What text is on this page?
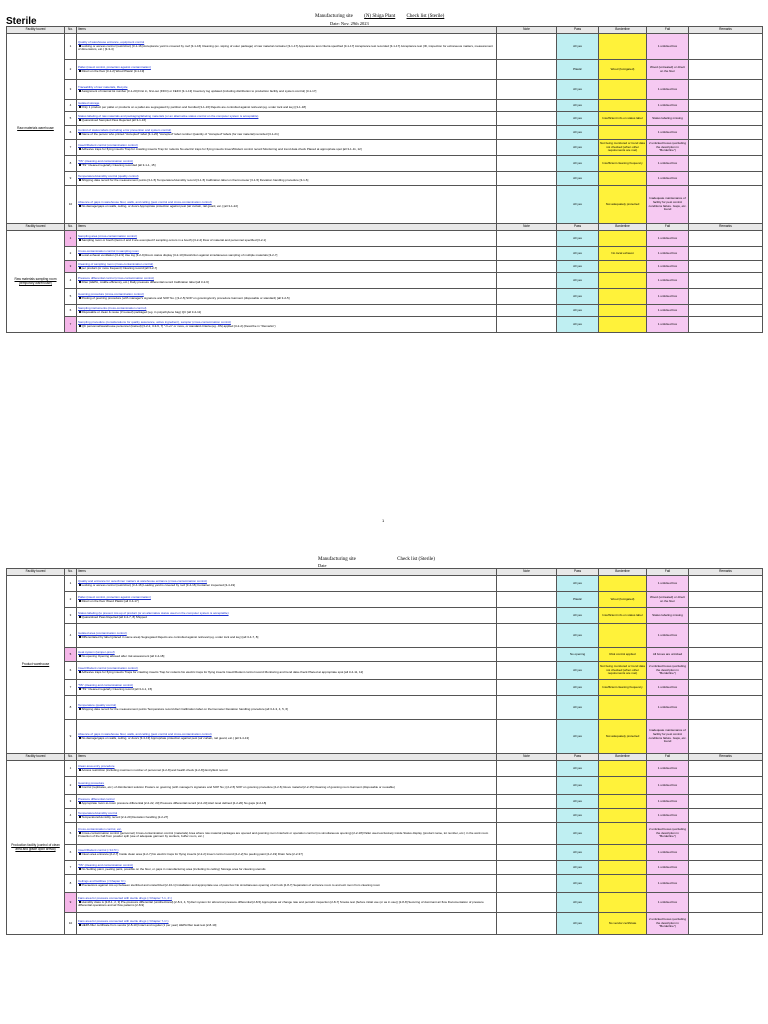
Sterile	Manufacturing site (N) Shiga Plant Check list (Sterile)
Date: Nov. 29th 2023
Facility toured	No.	Items	Note	Pass	Borderline	Fail	Remarks
Raw materials warehouse	1	Quality of warehouse entrance, equipment control
Locking or access control (restriction) [3-1-16] Acceptance yard is covered by roof [3-1-16] Cleaning (ex. wiping of outer package) of raw material container [3-1-17] Appearance test criteria specified [3-1-17] Acceptance test recorded [3-1-17] Acceptance test (ID, inspection for extraneous matters, measurement of dimensions, etc.) [3-3-4]		All yes		1 unticked box	
	2	Pallet (insect control, protection against contamination)
Direct on the floor [3-1-2] Wood Plastic [3-1-19]		Plastic	Wood (fumigated)	Wood (untreated) or direct on the floor	
	3	Traceability of raw materials, lifecycle
Assignment of internal lot number [3-1-20] First in, first-out (FIFO) or FEFO [3-1-13] Inventory log updated (including distribution to production facility and system control) [3-1-17]		All yes		1 unticked box	
	4	Isolated storage
Only 1 product per pallet or products on a pallet are segregated by partition and bundled [3-1-16] Rejects are controlled against retrieval (eg. under lock and key) [3-1-18]		All yes		1 unticked box	
	5	Status labeling of raw materials and packaging/labeling materials (or an alternative status control on the computer system is acceptable)
Quarantined Sampled Pass Rejected [all 3-1-16]		All yes	Insufficient info on status label	Status labeling missing	
	6	Control of status labels (including error prevention and system control)
Name of the person who printed "Accepted" label [3-1-20] "Accepted" label number Quantity of "Accepted" labels (for raw material) recorded [3-1-21]		All yes		1 unticked box	
	7	Insect/Rodent control (contamination control)
Adhesive traps for flying insects Trap for crawling insects Trap for rodents No electric traps for flying insects Insect/Rodent control record Monitoring and trend data check Placed at appropriate spot [all 3-1-11, 12]		All yes	Not being monitored or trend data not checked (when other requirements are met)	2 unticked boxes (excluding the description in "Borderline")	
	8	"5S" (cleaning and contamination control)
"5S" Cleaned regularly Cleaning recorded [all 3-1-1, 15]		All yes	Insufficient cleaning frequency	1 unticked box	
	9	Temperature/Humidity control (quality control)
Shipping data record for the measurement points [3-1-5] Temperature/Humidity record [3-1-5] Calibration label on thermometer [3-1-5] Deviation handling procedure [3-1-6]		All yes		1 unticked box	
	10	Absence of gaps in warehouse floor, walls, and ceiling (pest control and cross-contamination control)
No damage/gaps on walls, ceiling, or doors Appropriate protection against pest (air curtain, rail guard, etc.) [all 3-1-22]		All yes	Not adequately protected	Inadequate maintenance of facility for pest control conditions failure. Gaps, etc. found	
Facility toured	No.	Items	Note	Pass	Borderline	Fail	Remarks
Raw materials sampling room (temporary warehouse)	1	Sampling area (cross-contamination control)
Sampling room or booth (items 2 and 3 are exempted if sampling occurs in a booth) [3-2-2] Flow of material and personnel specified [3-2-1]		All yes		1 unticked box	
	2	Cross-contamination control in sampling room
Local exhaust ventilation [3-2-9] Use log [3-2-9] Room status display [3-2-10] Restriction against simultaneous sampling of multiple materials [3-2-7]		All yes	No local exhaust	1 unticked box	
	3	Cleaning of sampling room (cross-contamination control)
per product (or more frequent) Cleaning record [all 3-2-7]		All yes		1 unticked box	
	4	Pressure differential control (cross-contamination control)
Filter (HEPA, middle efficiency, etc.) Daily pressure differential record Calibration label [all 3-2-6]		All yes		1 unticked box	
	5	Gowning procedure (cross-contamination control)
Posting of gowning procedure (with manager's signature and SOP No.) [3-2-5] SOP on gowning/entry procedure Garment (disposable or standard) [all 3-2-5]		All yes		1 unticked box	
	6	Sampling instruments (cross-contamination control)
Disposable or clean & reuse (if reused) packaged (eg. in polyethylene bag) QC [all 3-2-11]		All yes		1 unticked box	
	7	Sampling procedure (considerations for quality assurance, active ingredient), sampler (cross-contamination control)
QC personnel/warehouse personnel (trained) [3-2-2, 3-3-6, 7] "√n+1" or more, or standard criteria (eg. JIS) applied [3-2-2] (Describe in "Remarks")		All yes		1 unticked box	
1
Manufacturing site	Check list (Sterile)
Date
Facility toured	No.	Items	Note	Pass	Borderline	Fail	Remarks
Product warehouse	1	Quality and entrance for outer/inner matters at warehouse entrance (cross-contamination control)
Locking or access control (restriction) [3-4-16] Loading yard is covered by roof [3-4-16] Container inspected [3-4-19]		All yes		1 unticked box	
	2	Pallet (insect control, protection against contamination)
Direct on the floor Wood Plastic [all 3-4-17]		Plastic	Wood (fumigated)	Wood (untreated) or direct on the floor	
	3	Status labeling (to prevent mix-up of product (or an alternative status used on the computer system is acceptable)
Quarantined Pass Rejected [all 3-4-7, 8] Shipped		All yes	Insufficient info on status label	Status labeling missing	
	4	Isolated area (contamination control)
Differentiated by label (placed in same area) Segregated Rejects are controlled against retrieval (eg. under lock and key) [all 3-4-7, 8]		All yes		1 unticked box	
	5	Heat system (tamper-proof)
No opening Opening allowed after risk assessment [all 3-4-18]		No opening	Risk control applied	All boxes are unticked	
	6	Insect/Rodent control (contamination control)
Adhesive traps for flying insects Traps for crawling insects Trap for rodents No electric traps for flying insects Insect/Rodent control record Monitoring and trend data check Placed at appropriate spot [all 3-4-11, 12]		All yes	Not being monitored or trend data not checked (when other requirements are met)	2 unticked boxes (excluding the description in "Borderline")	
	7	"5S" (cleaning and contamination control)
"5S" Cleaned regularly Cleaning record [all 3-4-1, 15]		All yes	Insufficient cleaning frequency	1 unticked box	
	8	Temperature (quality control)
Shipping data record for the measurement points Temperature record Alert Calibration label on thermometer Deviation handling procedure [all 3-4-3, 4, 5, 6]		All yes		1 unticked box	
	9	Absence of gaps in warehouse floor, walls, and ceiling (pest control and cross-contamination control)
No damage/gaps on walls, ceiling, or doors [3-4-13] Appropriate protection against pest (air curtain, rail guard, etc.) [all 3-4-13]		All yes	Not adequately protected	Inadequate maintenance of facility for pest control conditions failure. Gaps, etc. found	
Facility toured	No.	Items	Note	Pass	Borderline	Fail	Remarks
Production facility (control of clean area and grade upon arrival)	1	Clean area entry procedure
Access restriction (including maximum number of personnel [2-2-8] and health check [2-2-8]) Entry/Exit record		All yes		1 unticked box	
	2	Gowning procedure
Control (replicates, etc.) of disinfectant solution Posters on gowning (with manager's signature and SOP No.) [2-2-5] SOP on gowning procedure [2-2-6] Glove material [2-2-15] Cleaning of gowning room Garment (disposable or reusable)		All yes		1 unticked box	
	3	Pressure differential control
Appropriate room-to-room pressure differential [2-2-22, 23] Pressure differential record [2-2-23] Alert level defined [2-2-20] No gaps [2-2-18]		All yes		1 unticked box	
	4	Temperature/Humidity control
Temperature/Humidity record [2-2-20] Deviation handling [2-2-27]		All yes		1 unticked box	
	5	Cross-contamination control, etc.
Cross-contamination control (personnel) Cross-contamination control (materials) Area where raw material packages are opened and gowning room Interlock or operation control (no simultaneous opening) [2-2-18] Pallet used exclusively inside Status display (product name, lot number, etc.) in the work room Protection of the hall from powder spill (use of adequate garment by workers, buffer room, etc.)		All yes		2 unticked boxes (excluding the description in "Borderline")	
	6	Insect/Rodent control (<10.5>)
Clean area entrance [2-2-7] Inside clean area [2-2-7] No electric traps for flying insects [2-2-2] Insect control record [2-2-2] No peeling paint [2-2-19] Drain hole [2-2-37]		All yes		1 unticked box	
	7	"5S" (cleaning and contamination control)
No Settling paint, peeling paint, possible on the floor, or gaps in manufacturing area (including its ceiling) Storage area for cleaning utensils		All yes		1 unticked box	
	8	Ceilings and facilities (<Chapter 6>)
Precautions against mix-up between sterilized and unsterilized [2-10-1] Installation and appropriate use of pass box No simultaneous opening of air lock [2-8-7] Separation of entrance room to and exit room from cleaning room		All yes		1 unticked box	
	9	Fans area for pressure connected with sterile drugs (<Chapter 7-1, 2>)
Humidity class is [2-8-1, 2, 3] Pre-pressure differential (unidirectional) [2-8-3, 4, 5] Alert system for abnormal pressure differential [2-8-5] Appropriate air change rate and periodic inspection [2-8-7] Smoke test (before initial use (or as in use)) [2-8-8] Securing of dominant air flow Documentation of pressure differential operations and air flow patterns [2-8-9]		All yes		1 unticked box	
	10	Fans area for pressure connected with sterile drugs (<Chapter 7-1>)
HEPA filter certificate from vendor [2-8-10] Intact and regular (1 per year) HEPA filter leak test [2-8-10]		All yes	No vendor certificate	2 unticked boxes (excluding the description in "Borderline")	
